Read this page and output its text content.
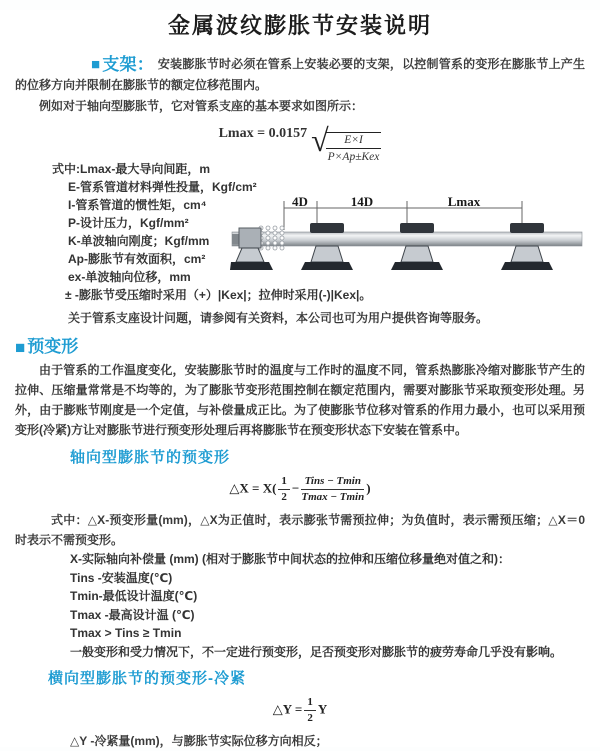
金属波纹膨胀节安装说明

■ 支架： 安装膨胀节时必须在管系上安装必要的支架，以控制管系的变形在膨胀节上产生的位移方向并限制在膨胀节的额定位移范围内。

例如对于轴向型膨胀节，它对管系支座的基本要求如图所示：

Lmax = 0.0157 √
$\frac{E\times I}{\text{P×Ap±Kex}}$
式中:Lmax-最大导向间距，m
E-管系管道材料弹性投量，Kgf/cm²
I-管系管道的惯性矩，cm⁴
P-设计压力，Kgf/mm²
K-单波轴向刚度；Kgf/mm
Ap-膨胀节有效面积，cm²
ex-单波轴向位移，mm
± -膨胀节受压缩时采用（+）|Kex|；拉伸时采用(-)|Kex|。
4D	14D	Lmax

关于管系支座设计问题，请参阅有关资料，本公司也可为用户提供咨询等服务。

■ 预变形

由于管系的工作温度变化，安装膨胀节时的温度与工作时的温度不同，管系热膨胀冷缩对膨胀节产生的拉伸、压缩量常常是不均等的，为了膨胀节变形范围控制在额定范围内，需要对膨胀节采取预变形处理。另外，由于膨账节刚度是一个定值，与补偿量成正比。为了使膨胀节位移对管系的作用力最小，也可以采用预变形(冷紧)方让对膨胀节进行预变形处理后再将膨胀节在预变形状态下安装在管系中。

轴向型膨胀节的预变形
△X = $X( \frac{1}{2} - \frac{\text{Tins − Tmin}}{Tmax - Tmin}$ )

式中：△X-预变形量(mm)，△X为正值时，表示膨张节需预拉伸；为负值时，表示需预压缩；△X＝0时表示不需预变形。

X-实际轴向补偿量 (mm) (相对于膨胀节中间状态的拉伸和压缩位移量绝对值之和)：
Tins -安装温度(℃)
Tmin-最低设计温度(℃)
Tmax -最高设计温 (℃)
Tmax > Tins ≥ Tmin
一般变形和受力情况下，不一定进行预变形，足否预变形对膨胀节的疲劳寿命几乎没有影响。
横向型膨胀节的预变形-冷紧
△Y = $\frac{1}{2}$ Y

△Y -冷紧量(mm)，与膨胀节实际位移方向相反；
